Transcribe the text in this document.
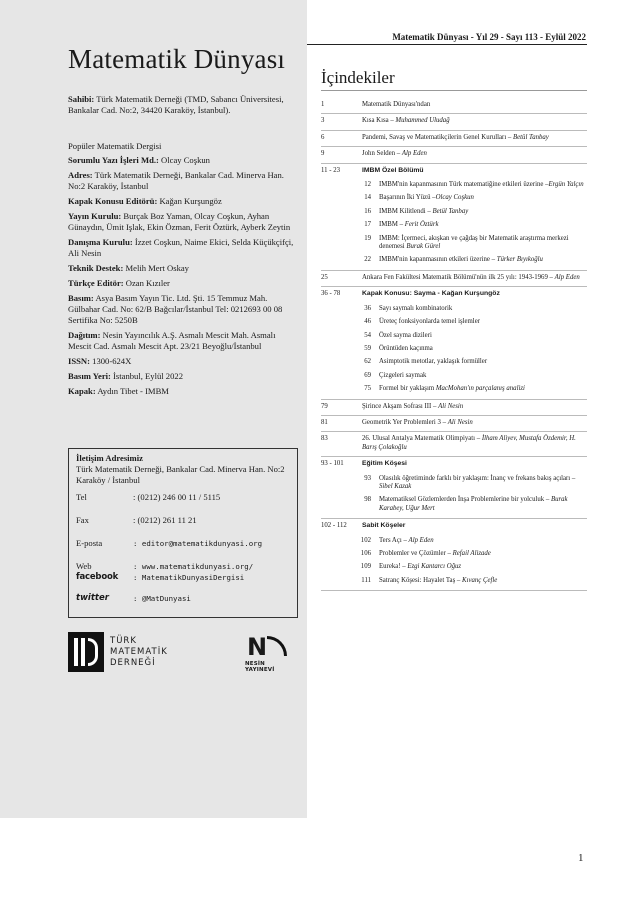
Matematik Dünyası
Sahibi: Türk Matematik Derneği (TMD, Sabancı Üniversitesi, Bankalar Cad. No:2, 34420 Karaköy, İstanbul).
Popüler Matematik Dergisi
Sorumlu Yazı İşleri Md.: Olcay Coşkun
Adres: Türk Matematik Derneği, Bankalar Cad. Minerva Han. No:2 Karaköy, İstanbul
Kapak Konusu Editörü: Kağan Kurşungöz
Yayın Kurulu: Burçak Boz Yaman, Olcay Coşkun, Ayhan Günaydın, Ümit Işlak, Ekin Özman, Ferit Öztürk, Ayberk Zeytin
Danışma Kurulu: İzzet Coşkun, Naime Ekici, Selda Küçükçifçi, Ali Nesin
Teknik Destek: Melih Mert Oskay
Türkçe Editör: Ozan Kızıler
Basım: Asya Basım Yayın Tic. Ltd. Şti. 15 Temmuz Mah. Gülbahar Cad. No: 62/B Bağcılar/İstanbul Tel: 0212693 00 08 Sertifika No: 5250B
Dağıtım: Nesin Yayıncılık A.Ş. Asmalı Mescit Mah. Asmalı Mescit Cad. Asmalı Mescit Apt. 23/21 Beyoğlu/İstanbul
ISSN: 1300-624X
Basım Yeri: İstanbul, Eylül 2022
Kapak: Aydın Tibet - IMBM
İletişim Adresimiz
Türk Matematik Derneği, Bankalar Cad. Minerva Han. No:2 Karaköy / İstanbul
Tel	: (0212) 246 00 11 / 5115
Fax	: (0212) 261 11 21
E-posta	: editor@matematikdunyasi.org
Web	: www.matematikdunyasi.org/
facebook	: MatematikDunyasiDergisi
twitter	: @MatDunyasi
TÜRK
MATEMATİK
DERNEĞİ
N
NESİN YAYINEVİ
Matematik Dünyası - Yıl 29 - Sayı 113 - Eylül 2022
İçindekiler
1	Matematik Dünyası'ndan
3	Kısa Kısa – Muhammed Uludağ
6	Pandemi, Savaş ve Matematikçilerin Genel Kurulları – Betül Tanbay
9	John Selden – Alp Eden
11 - 23	IMBM Özel Bölümü
12	IMBM'nin kapanmasının Türk matematiğine etkileri üzerine –Ergün Yalçın
14	Başarının İki Yüzü –Olcay Coşkun
16	IMBM Kilitlendi – Betül Tanbay
17	IMBM – Ferit Öztürk
19	IMBM: İçermeci, akışkan ve çağdaş bir Matematik araştırma merkezi denemesi Burak Gürel
22	IMBM'nin kapanmasının etkileri üzerine – Türker Bıyıkoğlu
25	Ankara Fen Fakültesi Matematik Bölümü'nün ilk 25 yılı: 1943-1969 – Alp Eden
36 - 78	Kapak Konusu: Sayma - Kağan Kurşungöz
36	Sayı saymalı kombinatorik
46	Üreteç fonksiyonlarda temel işlemler
54	Özel sayma dizileri
59	Örüntüden kaçınma
62	Asimptotik metotlar, yaklaşık formüller
69	Çizgeleri saymak
75	Formel bir yaklaşım MacMohan'ın parçalanış analizi
79	Şirince Akşam Sofrası III – Ali Nesin
81	Geometrik Yer Problemleri 3 – Ali Nesin
83	26. Ulusal Antalya Matematik Olimpiyatı – İlham Aliyev, Mustafa Özdemir, H. Barış Çolakoğlu
93 - 101	Eğitim Köşesi
93	Olasılık öğretiminde farklı bir yaklaşım: İnanç ve frekans bakış açıları – Sibel Kazak
98	Matematiksel Gözlemlerden İnşa Problemlerine bir yolculuk – Burak Karabey, Uğur Mert
102 - 112	Sabit Köşeler
102	Ters Açı – Alp Eden
106	Problemler ve Çözümler – Refail Alizade
109	Eureka! – Ezgi Kantarcı Oğuz
111	Satranç Köşesi: Hayalet Taş – Kıvanç Çefle
1
